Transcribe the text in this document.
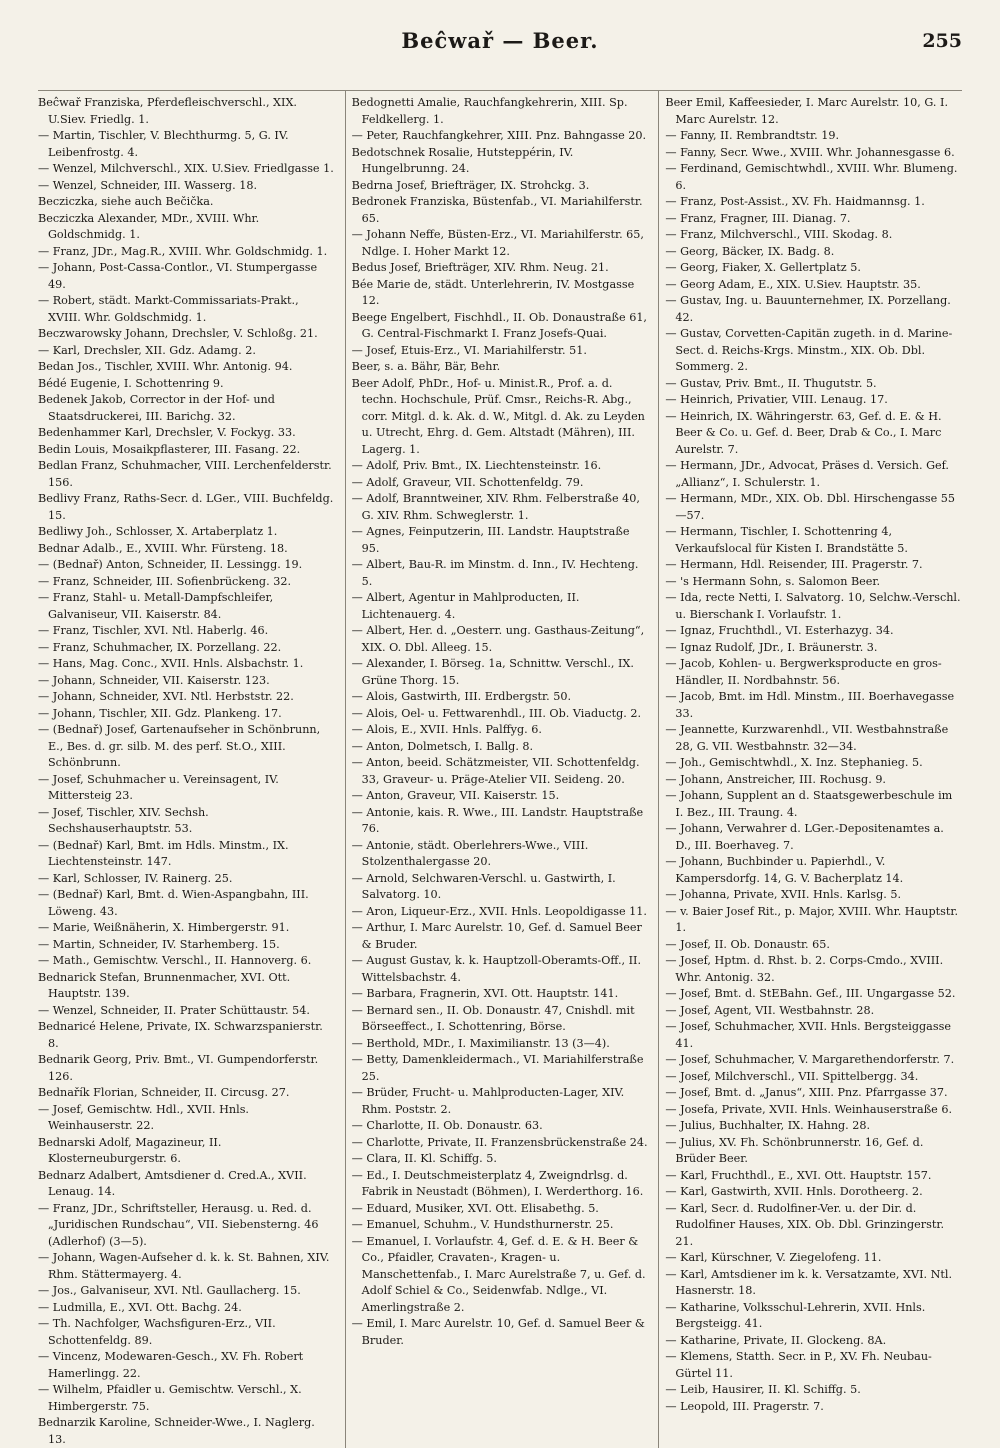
Beĉwař — Beer.	255

Beĉwař Franziska, Pferdefleischverschl., XIX. U.Siev. Friedlg. 1.

— Martin, Tischler, V. Blechthurmg. 5, G. IV. Leibenfrostg. 4.

— Wenzel, Milchverschl., XIX. U.Siev. Friedlgasse 1.

— Wenzel, Schneider, III. Wasserg. 18.

Becziczka, siehe auch Bečička.

Becziczka Alexander, MDr., XVIII. Whr. Goldschmidg. 1.

— Franz, JDr., Mag.R., XVIII. Whr. Goldschmidg. 1.

— Johann, Post-Cassa-Contlor., VI. Stumpergasse 49.

— Robert, städt. Markt-Commissariats-Prakt., XVIII. Whr. Goldschmidg. 1.

Beczwarowsky Johann, Drechsler, V. Schloßg. 21.

— Karl, Drechsler, XII. Gdz. Adamg. 2.

Bedan Jos., Tischler, XVIII. Whr. Antonig. 94.

Bédé Eugenie, I. Schottenring 9.

Bedenek Jakob, Corrector in der Hof- und Staatsdruckerei, III. Barichg. 32.

Bedenhammer Karl, Drechsler, V. Fockyg. 33.

Bedin Louis, Mosaikpflasterer, III. Fasang. 22.

Bedlan Franz, Schuhmacher, VIII. Lerchenfelderstr. 156.

Bedlivy Franz, Raths-Secr. d. LGer., VIII. Buchfeldg. 15.

Bedliwy Joh., Schlosser, X. Artaberplatz 1.

Bednar Adalb., E., XVIII. Whr. Fürsteng. 18.

— (Bednař) Anton, Schneider, II. Lessingg. 19.

— Franz, Schneider, III. Sofienbrückeng. 32.

— Franz, Stahl- u. Metall-Dampfschleifer, Galvaniseur, VII. Kaiserstr. 84.

— Franz, Tischler, XVI. Ntl. Haberlg. 46.

— Franz, Schuhmacher, IX. Porzellang. 22.

— Hans, Mag. Conc., XVII. Hnls. Alsbachstr. 1.

— Johann, Schneider, VII. Kaiserstr. 123.

— Johann, Schneider, XVI. Ntl. Herbststr. 22.

— Johann, Tischler, XII. Gdz. Plankeng. 17.

— (Bednař) Josef, Gartenaufseher in Schönbrunn, E., Bes. d. gr. silb. M. des perf. St.O., XIII. Schönbrunn.

— Josef, Schuhmacher u. Vereinsagent, IV. Mittersteig 23.

— Josef, Tischler, XIV. Sechsh. Sechshauserhauptstr. 53.

— (Bednař) Karl, Bmt. im Hdls. Minstm., IX. Liechtensteinstr. 147.

— Karl, Schlosser, IV. Rainerg. 25.

— (Bednař) Karl, Bmt. d. Wien-Aspangbahn, III. Löweng. 43.

— Marie, Weißnäherin, X. Himbergerstr. 91.

— Martin, Schneider, IV. Starhemberg. 15.

— Math., Gemischtw. Verschl., II. Hannoverg. 6.

Bednarick Stefan, Brunnenmacher, XVI. Ott. Hauptstr. 139.

— Wenzel, Schneider, II. Prater Schüttaustr. 54.

Bednaricé Helene, Private, IX. Schwarzspanierstr. 8.

Bednarik Georg, Priv. Bmt., VI. Gumpendorferstr. 126.

Bednařík Florian, Schneider, II. Circusg. 27.

— Josef, Gemischtw. Hdl., XVII. Hnls. Weinhauserstr. 22.

Bednarski Adolf, Magazineur, II. Klosterneuburgerstr. 6.

Bednarz Adalbert, Amtsdiener d. Cred.A., XVII. Lenaug. 14.

— Franz, JDr., Schriftsteller, Herausg. u. Red. d. „Juridischen Rundschau“, VII. Siebensterng. 46 (Adlerhof) (3—5).

— Johann, Wagen-Aufseher d. k. k. St. Bahnen, XIV. Rhm. Stättermayerg. 4.

— Jos., Galvaniseur, XVI. Ntl. Gaullacherg. 15.

— Ludmilla, E., XVI. Ott. Bachg. 24.

— Th. Nachfolger, Wachsfiguren-Erz., VII. Schottenfeldg. 89.

— Vincenz, Modewaren-Gesch., XV. Fh. Robert Hamerlingg. 22.

— Wilhelm, Pfaidler u. Gemischtw. Verschl., X. Himbergerstr. 75.

Bednarzik Karoline, Schneider-Wwe., I. Naglerg. 13.

Bedognetti Amalie, Rauchfangkehrerin, XIII. Sp. Feldkellerg. 1.

— Peter, Rauchfangkehrer, XIII. Pnz. Bahngasse 20.

Bedotschnek Rosalie, Hutsteppérin, IV. Hungelbrunng. 24.

Bedrna Josef, Briefträger, IX. Strohckg. 3.

Bedronek Franziska, Büstenfab., VI. Mariahilferstr. 65.

— Johann Neffe, Büsten-Erz., VI. Mariahilferstr. 65, Ndlge. I. Hoher Markt 12.

Bedus Josef, Briefträger, XIV. Rhm. Neug. 21.

Bée Marie de, städt. Unterlehrerin, IV. Mostgasse 12.

Beege Engelbert, Fischhdl., II. Ob. Donaustraße 61, G. Central-Fischmarkt I. Franz Josefs-Quai.

— Josef, Etuis-Erz., VI. Mariahilferstr. 51.

Beer, s. a. Bähr, Bär, Behr.

Beer Adolf, PhDr., Hof- u. Minist.R., Prof. a. d. techn. Hochschule, Prüf. Cmsr., Reichs-R. Abg., corr. Mitgl. d. k. Ak. d. W., Mitgl. d. Ak. zu Leyden u. Utrecht, Ehrg. d. Gem. Altstadt (Mähren), III. Lagerg. 1.

— Adolf, Priv. Bmt., IX. Liechtensteinstr. 16.

— Adolf, Graveur, VII. Schottenfeldg. 79.

— Adolf, Branntweiner, XIV. Rhm. Felberstraße 40, G. XIV. Rhm. Schweglerstr. 1.

— Agnes, Feinputzerin, III. Landstr. Hauptstraße 95.

— Albert, Bau-R. im Minstm. d. Inn., IV. Hechteng. 5.

— Albert, Agentur in Mahlproducten, II. Lichtenauerg. 4.

— Albert, Her. d. „Oesterr. ung. Gasthaus-Zeitung“, XIX. O. Dbl. Alleeg. 15.

— Alexander, I. Börseg. 1a, Schnittw. Verschl., IX. Grüne Thorg. 15.

— Alois, Gastwirth, III. Erdbergstr. 50.

— Alois, Oel- u. Fettwarenhdl., III. Ob. Viaductg. 2.

— Alois, E., XVII. Hnls. Palffyg. 6.

— Anton, Dolmetsch, I. Ballg. 8.

— Anton, beeid. Schätzmeister, VII. Schottenfeldg. 33, Graveur- u. Präge-Atelier VII. Seideng. 20.

— Anton, Graveur, VII. Kaiserstr. 15.

— Antonie, kais. R. Wwe., III. Landstr. Hauptstraße 76.

— Antonie, städt. Oberlehrers-Wwe., VIII. Stolzenthalergasse 20.

— Arnold, Selchwaren-Verschl. u. Gastwirth, I. Salvatorg. 10.

— Aron, Liqueur-Erz., XVII. Hnls. Leopoldigasse 11.

— Arthur, I. Marc Aurelstr. 10, Gef. d. Samuel Beer & Bruder.

— August Gustav, k. k. Hauptzoll-Oberamts-Off., II. Wittelsbachstr. 4.

— Barbara, Fragnerin, XVI. Ott. Hauptstr. 141.

— Bernard sen., II. Ob. Donaustr. 47, Cnishdl. mit Börseeffect., I. Schottenring, Börse.

— Berthold, MDr., I. Maximilianstr. 13 (3—4).

— Betty, Damenkleidermach., VI. Mariahilferstraße 25.

— Brüder, Frucht- u. Mahlproducten-Lager, XIV. Rhm. Poststr. 2.

— Charlotte, II. Ob. Donaustr. 63.

— Charlotte, Private, II. Franzensbrückenstraße 24.

— Clara, II. Kl. Schiffg. 5.

— Ed., I. Deutschmeisterplatz 4, Zweigndrlsg. d. Fabrik in Neustadt (Böhmen), I. Werderthorg. 16.

— Eduard, Musiker, XVI. Ott. Elisabethg. 5.

— Emanuel, Schuhm., V. Hundsthurnerstr. 25.

— Emanuel, I. Vorlaufstr. 4, Gef. d. E. & H. Beer & Co., Pfaidler, Cravaten-, Kragen- u. Manschettenfab., I. Marc Aurelstraße 7, u. Gef. d. Adolf Schiel & Co., Seidenwfab. Ndlge., VI. Amerlingstraße 2.

— Emil, I. Marc Aurelstr. 10, Gef. d. Samuel Beer & Bruder.

Beer Emil, Kaffeesieder, I. Marc Aurelstr. 10, G. I. Marc Aurelstr. 12.

— Fanny, II. Rembrandtstr. 19.

— Fanny, Secr. Wwe., XVIII. Whr. Johannesgasse 6.

— Ferdinand, Gemischtwhdl., XVIII. Whr. Blumeng. 6.

— Franz, Post-Assist., XV. Fh. Haidmannsg. 1.

— Franz, Fragner, III. Dianag. 7.

— Franz, Milchverschl., VIII. Skodag. 8.

— Georg, Bäcker, IX. Badg. 8.

— Georg, Fiaker, X. Gellertplatz 5.

— Georg Adam, E., XIX. U.Siev. Hauptstr. 35.

— Gustav, Ing. u. Bauunternehmer, IX. Porzellang. 42.

— Gustav, Corvetten-Capitän zugeth. in d. Marine-Sect. d. Reichs-Krgs. Minstm., XIX. Ob. Dbl. Sommerg. 2.

— Gustav, Priv. Bmt., II. Thugutstr. 5.

— Heinrich, Privatier, VIII. Lenaug. 17.

— Heinrich, IX. Währingerstr. 63, Gef. d. E. & H. Beer & Co. u. Gef. d. Beer, Drab & Co., I. Marc Aurelstr. 7.

— Hermann, JDr., Advocat, Präses d. Versich. Gef. „Allianz“, I. Schulerstr. 1.

— Hermann, MDr., XIX. Ob. Dbl. Hirschengasse 55—57.

— Hermann, Tischler, I. Schottenring 4, Verkaufslocal für Kisten I. Brandstätte 5.

— Hermann, Hdl. Reisender, III. Pragerstr. 7.

— 's Hermann Sohn, s. Salomon Beer.

— Ida, recte Netti, I. Salvatorg. 10, Selchw.-Verschl. u. Bierschank I. Vorlaufstr. 1.

— Ignaz, Fruchthdl., VI. Esterhazyg. 34.

— Ignaz Rudolf, JDr., I. Bräunerstr. 3.

— Jacob, Kohlen- u. Bergwerksproducte en gros-Händler, II. Nordbahnstr. 56.

— Jacob, Bmt. im Hdl. Minstm., III. Boerhavegasse 33.

— Jeannette, Kurzwarenhdl., VII. Westbahnstraße 28, G. VII. Westbahnstr. 32—34.

— Joh., Gemischtwhdl., X. Inz. Stephanieg. 5.

— Johann, Anstreicher, III. Rochusg. 9.

— Johann, Supplent an d. Staatsgewerbeschule im I. Bez., III. Traung. 4.

— Johann, Verwahrer d. LGer.-Depositenamtes a. D., III. Boerhaveg. 7.

— Johann, Buchbinder u. Papierhdl., V. Kampersdorfg. 14, G. V. Bacherplatz 14.

— Johanna, Private, XVII. Hnls. Karlsg. 5.

— v. Baier Josef Rit., p. Major, XVIII. Whr. Hauptstr. 1.

— Josef, II. Ob. Donaustr. 65.

— Josef, Hptm. d. Rhst. b. 2. Corps-Cmdo., XVIII. Whr. Antonig. 32.

— Josef, Bmt. d. StEBahn. Gef., III. Ungargasse 52.

— Josef, Agent, VII. Westbahnstr. 28.

— Josef, Schuhmacher, XVII. Hnls. Bergsteiggasse 41.

— Josef, Schuhmacher, V. Margarethendorferstr. 7.

— Josef, Milchverschl., VII. Spittelbergg. 34.

— Josef, Bmt. d. „Janus“, XIII. Pnz. Pfarrgasse 37.

— Josefa, Private, XVII. Hnls. Weinhauserstraße 6.

— Julius, Buchhalter, IX. Hahng. 28.

— Julius, XV. Fh. Schönbrunnerstr. 16, Gef. d. Brüder Beer.

— Karl, Fruchthdl., E., XVI. Ott. Hauptstr. 157.

— Karl, Gastwirth, XVII. Hnls. Dorotheerg. 2.

— Karl, Secr. d. Rudolfiner-Ver. u. der Dir. d. Rudolfiner Hauses, XIX. Ob. Dbl. Grinzingerstr. 21.

— Karl, Kürschner, V. Ziegelofeng. 11.

— Karl, Amtsdiener im k. k. Versatzamte, XVI. Ntl. Hasnerstr. 18.

— Katharine, Volksschul-Lehrerin, XVII. Hnls. Bergsteigg. 41.

— Katharine, Private, II. Glockeng. 8A.

— Klemens, Statth. Secr. in P., XV. Fh. Neubau-Gürtel 11.

— Leib, Hausirer, II. Kl. Schiffg. 5.

— Leopold, III. Pragerstr. 7.
